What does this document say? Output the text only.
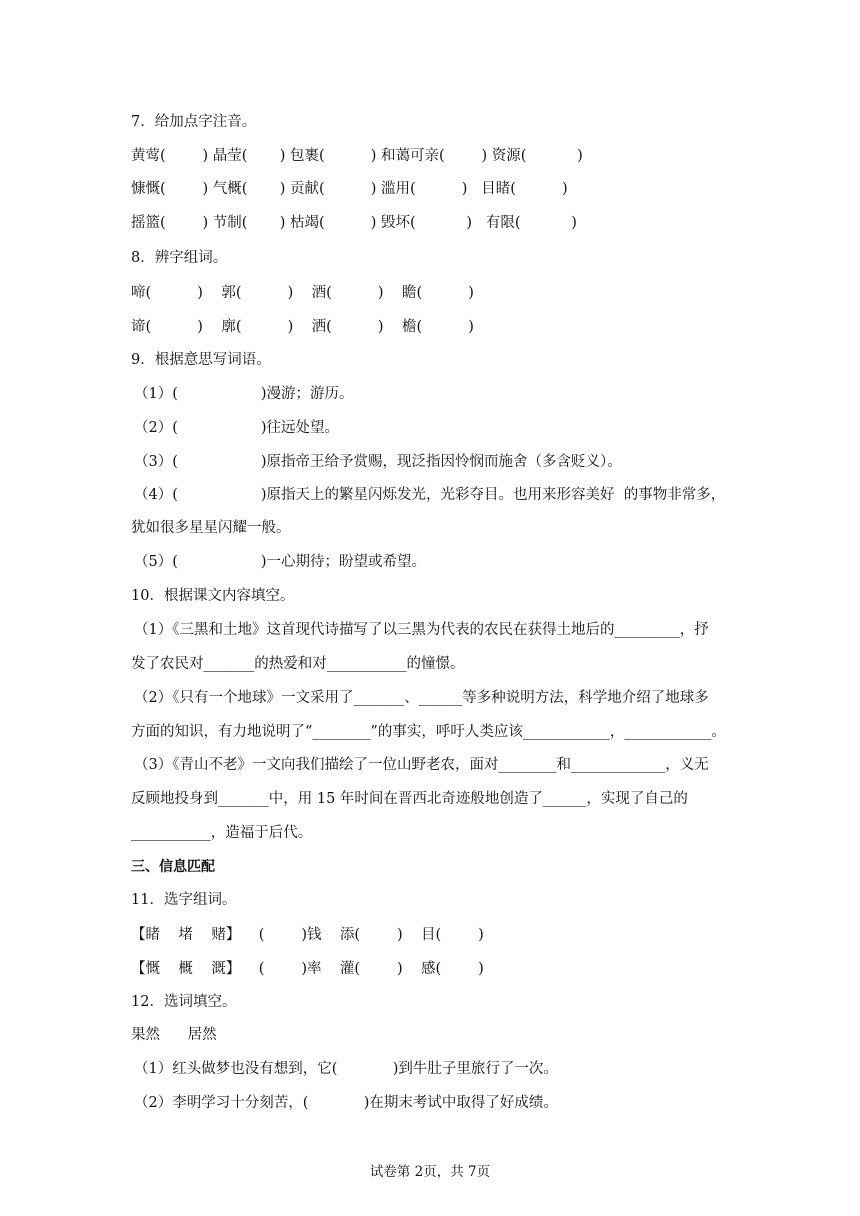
7．给加点字注音。
黄莺(        ) 晶莹(       ) 包裹(          ) 和蔼可亲(        ) 资源(           )
慷慨(        ) 气概(       ) 贡献(          ) 滥用(          )   目睹(          )
摇篮(        ) 节制(       ) 枯竭(          ) 毁坏(           )   有限(           )
8．辨字组词。
啼(          )    郭(          )    酒(          )    瞻(          )
谛(          )    廓(          )    洒(          )    檐(          )
9．根据意思写词语。
（1）(                  )漫游；游历。
（2）(                  )往远处望。
（3）(                  )原指帝王给予赏赐，现泛指因怜悯而施舍（多含贬义）。
（4）(                  )原指天上的繁星闪烁发光，光彩夺目。也用来形容美好  的事物非常多，
犹如很多星星闪耀一般。
（5）(                  )一心期待；盼望或希望。
10．根据课文内容填空。
（1）《三黑和土地》这首现代诗描写了以三黑为代表的农民在获得土地后的_________，抒
发了农民对_______的热爱和对___________的憧憬。
（2）《只有一个地球》一文采用了_______、______等多种说明方法，科学地介绍了地球多
方面的知识，有力地说明了“________”的事实，呼吁人类应该____________，____________。
（3）《青山不老》一文向我们描绘了一位山野老农，面对________和_____________，义无
反顾地投身到_______中，用 15 年时间在晋西北奇迹般地创造了______，实现了自己的
___________，造福于后代。
三、信息匹配
11．选字组词。
【睹    堵    赌】    (        )钱    添(        )    目(        )
【慨    概    溉】    (        )率    灌(        )    感(        )
12．选词填空。
果然      居然
（1）红头做梦也没有想到，它(            )到牛肚子里旅行了一次。
（2）李明学习十分刻苦，(            )在期末考试中取得了好成绩。
试卷第 2页，共 7页
